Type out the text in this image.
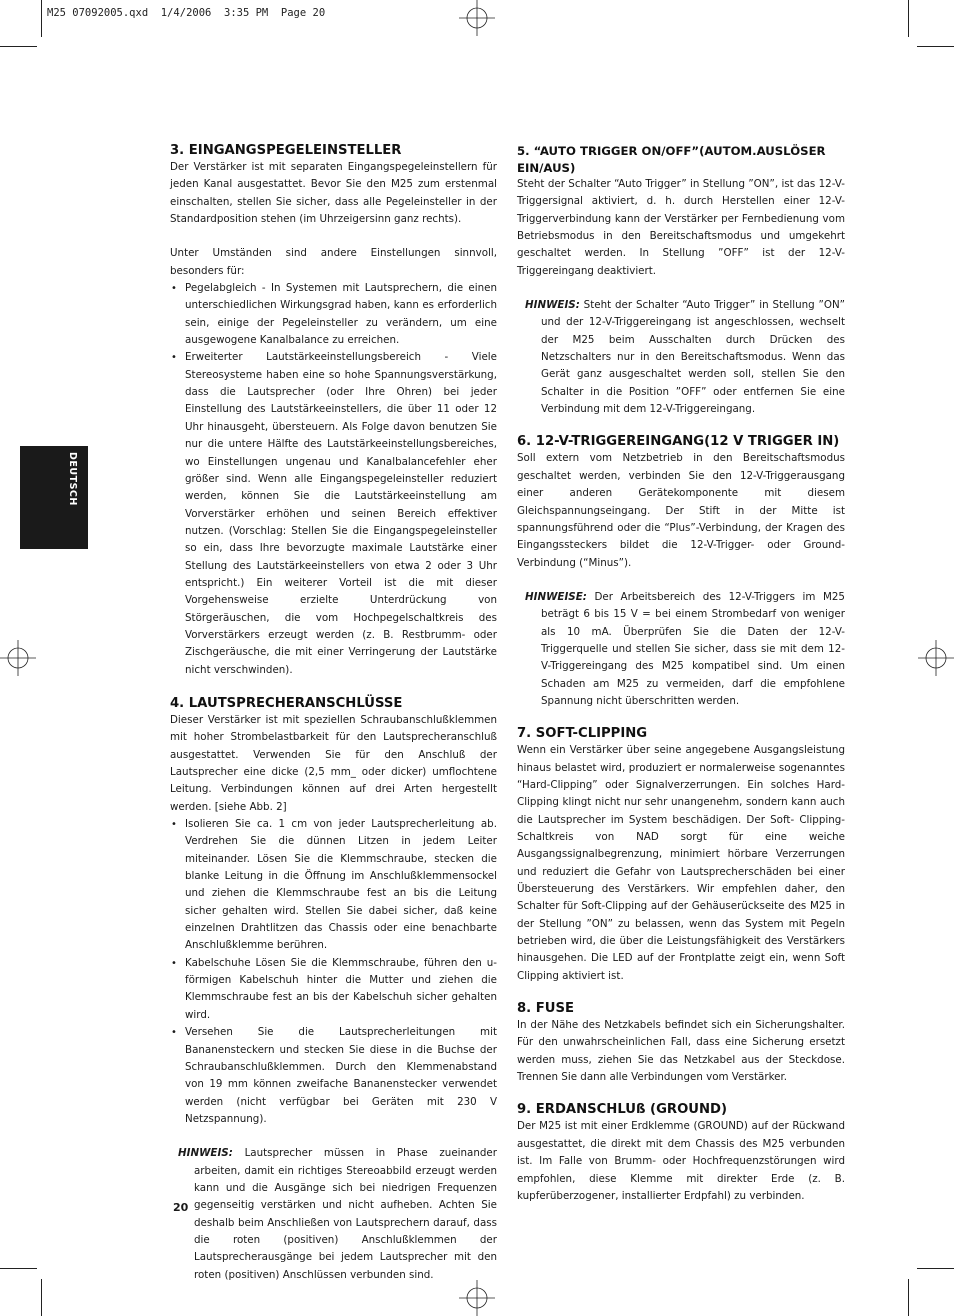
M25 07092005.qxd  1/4/2006  3:35 PM  Page 20
DEUTSCH
3. EINGANGSPEGELEINSTELLER

Der Verstärker ist mit separaten Eingangspegeleinstellern für jeden Kanal ausgestattet. Bevor Sie den M25 zum erstenmal einschalten, stellen Sie sicher, dass alle Pegeleinsteller in der Standardposition stehen (im Uhrzeigersinn ganz rechts).

Unter Umständen sind andere Einstellungen sinnvoll, besonders für:

• Pegelabgleich - In Systemen mit Lautsprechern, die einen unterschiedlichen Wirkungsgrad haben, kann es erforderlich sein, einige der Pegeleinsteller zu verändern, um eine ausgewogene Kanalbalance zu erreichen.
• Erweiterter Lautstärkeeinstellungsbereich - Viele Stereosysteme haben eine so hohe Spannungsverstärkung, dass die Lautsprecher (oder Ihre Ohren) bei jeder Einstellung des Lautstärkeeinstellers, die über 11 oder 12 Uhr hinausgeht, übersteuern. Als Folge davon benutzen Sie nur die untere Hälfte des Lautstärkeeinstellungsbereiches, wo Einstellungen ungenau und Kanalbalancefehler eher größer sind. Wenn alle Eingangspegeleinsteller reduziert werden, können Sie die Lautstärkeeinstellung am Vorverstärker erhöhen und seinen Bereich effektiver nutzen. (Vorschlag: Stellen Sie die Eingangspegeleinsteller so ein, dass Ihre bevorzugte maximale Lautstärke einer Stellung des Lautstärkeeinstellers von etwa 2 oder 3 Uhr entspricht.) Ein weiterer Vorteil ist die mit dieser Vorgehensweise erzielte Unterdrückung von Störgeräuschen, die vom Hochpegelschaltkreis des Vorverstärkers erzeugt werden (z. B. Restbrumm- oder Zischgeräusche, die mit einer Verringerung der Lautstärke nicht verschwinden).
4. LAUTSPRECHERANSCHLÜSSE

Dieser Verstärker ist mit speziellen Schraubanschlußklemmen mit hoher Strombelastbarkeit für den Lautsprecheranschluß ausgestattet. Verwenden Sie für den Anschluß der Lautsprecher eine dicke (2,5 mm_ oder dicker) umflochtene Leitung. Verbindungen können auf drei Arten hergestellt werden. [siehe Abb. 2]

• Isolieren Sie ca. 1 cm von jeder Lautsprecherleitung ab. Verdrehen Sie die dünnen Litzen in jedem Leiter miteinander. Lösen Sie die Klemmschraube, stecken die blanke Leitung in die Öffnung im Anschlußklemmensockel und ziehen die Klemmschraube fest an bis die Leitung sicher gehalten wird. Stellen Sie dabei sicher, daß keine einzelnen Drahtlitzen das Chassis oder eine benachbarte Anschlußklemme berühren.
• Kabelschuhe Lösen Sie die Klemmschraube, führen den u-förmigen Kabelschuh hinter die Mutter und ziehen die Klemmschraube fest an bis der Kabelschuh sicher gehalten wird.
• Versehen Sie die Lautsprecherleitungen mit Bananensteckern und stecken Sie diese in die Buchse der Schraubanschlußklemmen. Durch den Klemmenabstand von 19 mm können zweifache Bananenstecker verwendet werden (nicht verfügbar bei Geräten mit 230 V Netzspannung).

HINWEIS: Lautsprecher müssen in Phase zueinander arbeiten, damit ein richtiges Stereoabbild erzeugt werden kann und die Ausgänge sich bei niedrigen Frequenzen gegenseitig verstärken und nicht aufheben. Achten Sie deshalb beim Anschließen von Lautsprechern darauf, dass die roten (positiven) Anschlußklemmen der Lautsprecherausgänge bei jedem Lautsprecher mit den roten (positiven) Anschlüssen verbunden sind.

5. “AUTO TRIGGER ON/OFF”(AUTOM.AUSLÖSER EIN/AUS)

Steht der Schalter “Auto Trigger” in Stellung ”ON”, ist das 12-V-Triggersignal aktiviert, d. h. durch Herstellen einer 12-V-Triggerverbindung kann der Verstärker per Fernbedienung vom Betriebsmodus in den Bereitschaftsmodus und umgekehrt geschaltet werden. In Stellung ”OFF” ist der 12-V-Triggereingang deaktiviert.

HINWEIS: Steht der Schalter “Auto Trigger” in Stellung ”ON” und der 12-V-Triggereingang ist angeschlossen, wechselt der M25 beim Ausschalten durch Drücken des Netzschalters nur in den Bereitschaftsmodus. Wenn das Gerät ganz ausgeschaltet werden soll, stellen Sie den Schalter in die Position ”OFF” oder entfernen Sie eine Verbindung mit dem 12-V-Triggereingang.

6. 12-V-TRIGGEREINGANG(12 V TRIGGER IN)

Soll extern vom Netzbetrieb in den Bereitschaftsmodus geschaltet werden, verbinden Sie den 12-V-Triggerausgang einer anderen Gerätekomponente mit diesem Gleichspannungseingang. Der Stift in der Mitte ist spannungsführend oder die “Plus”-Verbindung, der Kragen des Eingangssteckers bildet die 12-V-Trigger- oder Ground-Verbindung (“Minus”).

HINWEISE: Der Arbeitsbereich des 12-V-Triggers im M25 beträgt 6 bis 15 V = bei einem Strombedarf von weniger als 10 mA. Überprüfen Sie die Daten der 12-V-Triggerquelle und stellen Sie sicher, dass sie mit dem 12-V-Triggereingang des M25 kompatibel sind. Um einen Schaden am M25 zu vermeiden, darf die empfohlene Spannung nicht überschritten werden.

7. SOFT-CLIPPING

Wenn ein Verstärker über seine angegebene Ausgangsleistung hinaus belastet wird, produziert er normalerweise sogenanntes “Hard-Clipping” oder Signalverzerrungen. Ein solches Hard-Clipping klingt nicht nur sehr unangenehm, sondern kann auch die Lautsprecher im System beschädigen. Der Soft- Clipping-Schaltkreis von NAD sorgt für eine weiche Ausgangssignalbegrenzung, minimiert hörbare Verzerrungen und reduziert die Gefahr von Lautsprecherschäden bei einer Übersteuerung des Verstärkers. Wir empfehlen daher, den Schalter für Soft-Clipping auf der Gehäuserückseite des M25 in der Stellung ”ON” zu belassen, wenn das System mit Pegeln betrieben wird, die über die Leistungsfähigkeit des Verstärkers hinausgehen. Die LED auf der Frontplatte zeigt ein, wenn Soft Clipping aktiviert ist.

8. FUSE

In der Nähe des Netzkabels befindet sich ein Sicherungshalter. Für den unwahrscheinlichen Fall, dass eine Sicherung ersetzt werden muss, ziehen Sie das Netzkabel aus der Steckdose. Trennen Sie dann alle Verbindungen vom Verstärker.

9. ERDANSCHLUß (GROUND)

Der M25 ist mit einer Erdklemme (GROUND) auf der Rückwand ausgestattet, die direkt mit dem Chassis des M25 verbunden ist. Im Falle von Brumm- oder Hochfrequenzstörungen wird empfohlen, diese Klemme mit direkter Erde (z. B. kupferüberzogener, installierter Erdpfahl) zu verbinden.

20
